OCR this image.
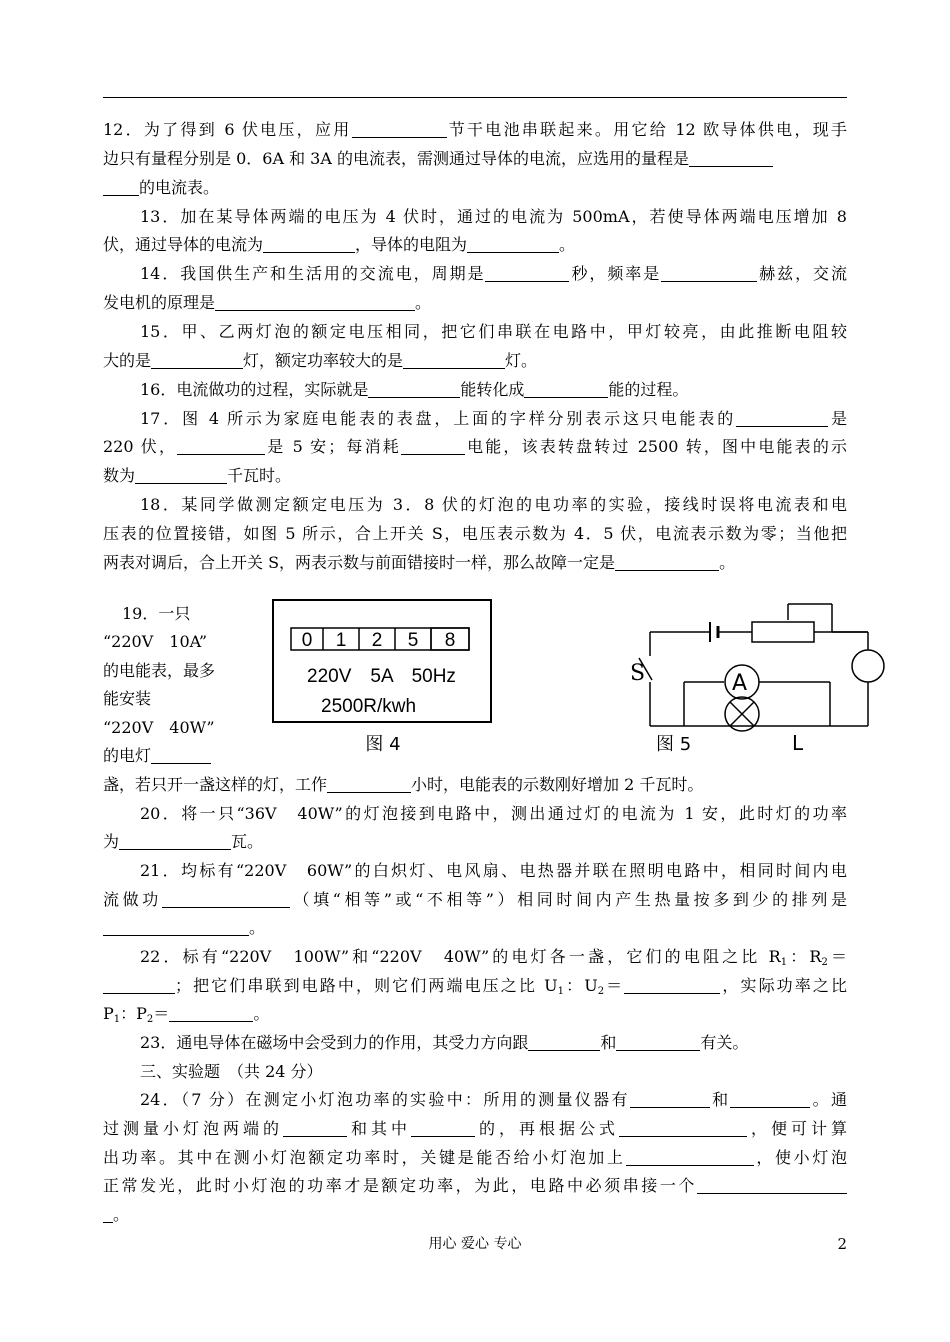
12．为了得到 6 伏电压，应用	节干电池串联起来。用它给 12 欧导体供电，现手
边只有量程分别是 0．6A 和 3A 的电流表，需测通过导体的电流，应选用的量程是
的电流表。
13．加在某导体两端的电压为 4 伏时，通过的电流为 500mA，若使导体两端电压增加 8
伏，通过导体的电流为	，导体的电阻为	。
14．我国供生产和生活用的交流电，周期是	秒，频率是	赫兹，交流
发电机的原理是	。
15．甲、乙两灯泡的额定电压相同，把它们串联在电路中，甲灯较亮，由此推断电阻较
大的是	灯，额定功率较大的是	灯。
16．电流做功的过程，实际就是	能转化成	能的过程。
17．图 4 所示为家庭电能表的表盘，上面的字样分别表示这只电能表的	是
220 伏，	是 5 安；每消耗	电能，该表转盘转过 2500 转，图中电能表的示
数为	千瓦时。
18．某同学做测定额定电压为 3．8 伏的灯泡的电功率的实验，接线时误将电流表和电
压表的位置接错，如图 5 所示，合上开关 S，电压表示数为 4．5 伏，电流表示数为零；当他把
两表对调后，合上开关 S，两表示数与前面错接时一样，那么故障一定是	。
19．一只
“220V　10A”
的电能表，最多
能安装
“220V　40W”
的电灯
0 1 2 5 8
220V　5A　50Hz
2500R/kwh
图 4
A
S
图 5	L
盏，若只开一盏这样的灯，工作	小时，电能表的示数刚好增加 2 千瓦时。
20．将一只“36V　40W”的灯泡接到电路中，测出通过灯的电流为 1 安，此时灯的功率
为	瓦。
21．均标有“220V　60W”的白炽灯、电风扇、电热器并联在照明电路中，相同时间内电
流做功	（填“相等”或“不相等”）相同时间内产生热量按多到少的排列是
。
22．标有“220V　100W”和“220V　40W”的电灯各一盏，它们的电阻之比 $R_1$：$R_2=$
；把它们串联到电路中，则它们两端电压之比 $U_1$：$U_2=$	，实际功率之比
$P_1$：$P_2=$	。
23．通电导体在磁场中会受到力的作用，其受力方向跟	和	有关。
三、实验题　（共 24 分）
24．（7 分）在测定小灯泡功率的实验中：所用的测量仪器有	和	。通
过测量小灯泡两端的	和其中	的，再根据公式	，便可计算
出功率。其中在测小灯泡额定功率时，关键是能否给小灯泡加上	，使小灯泡
正常发光，此时小灯泡的功率才是额定功率，为此，电路中必须串接一个
。
用心 爱心 专心	2
